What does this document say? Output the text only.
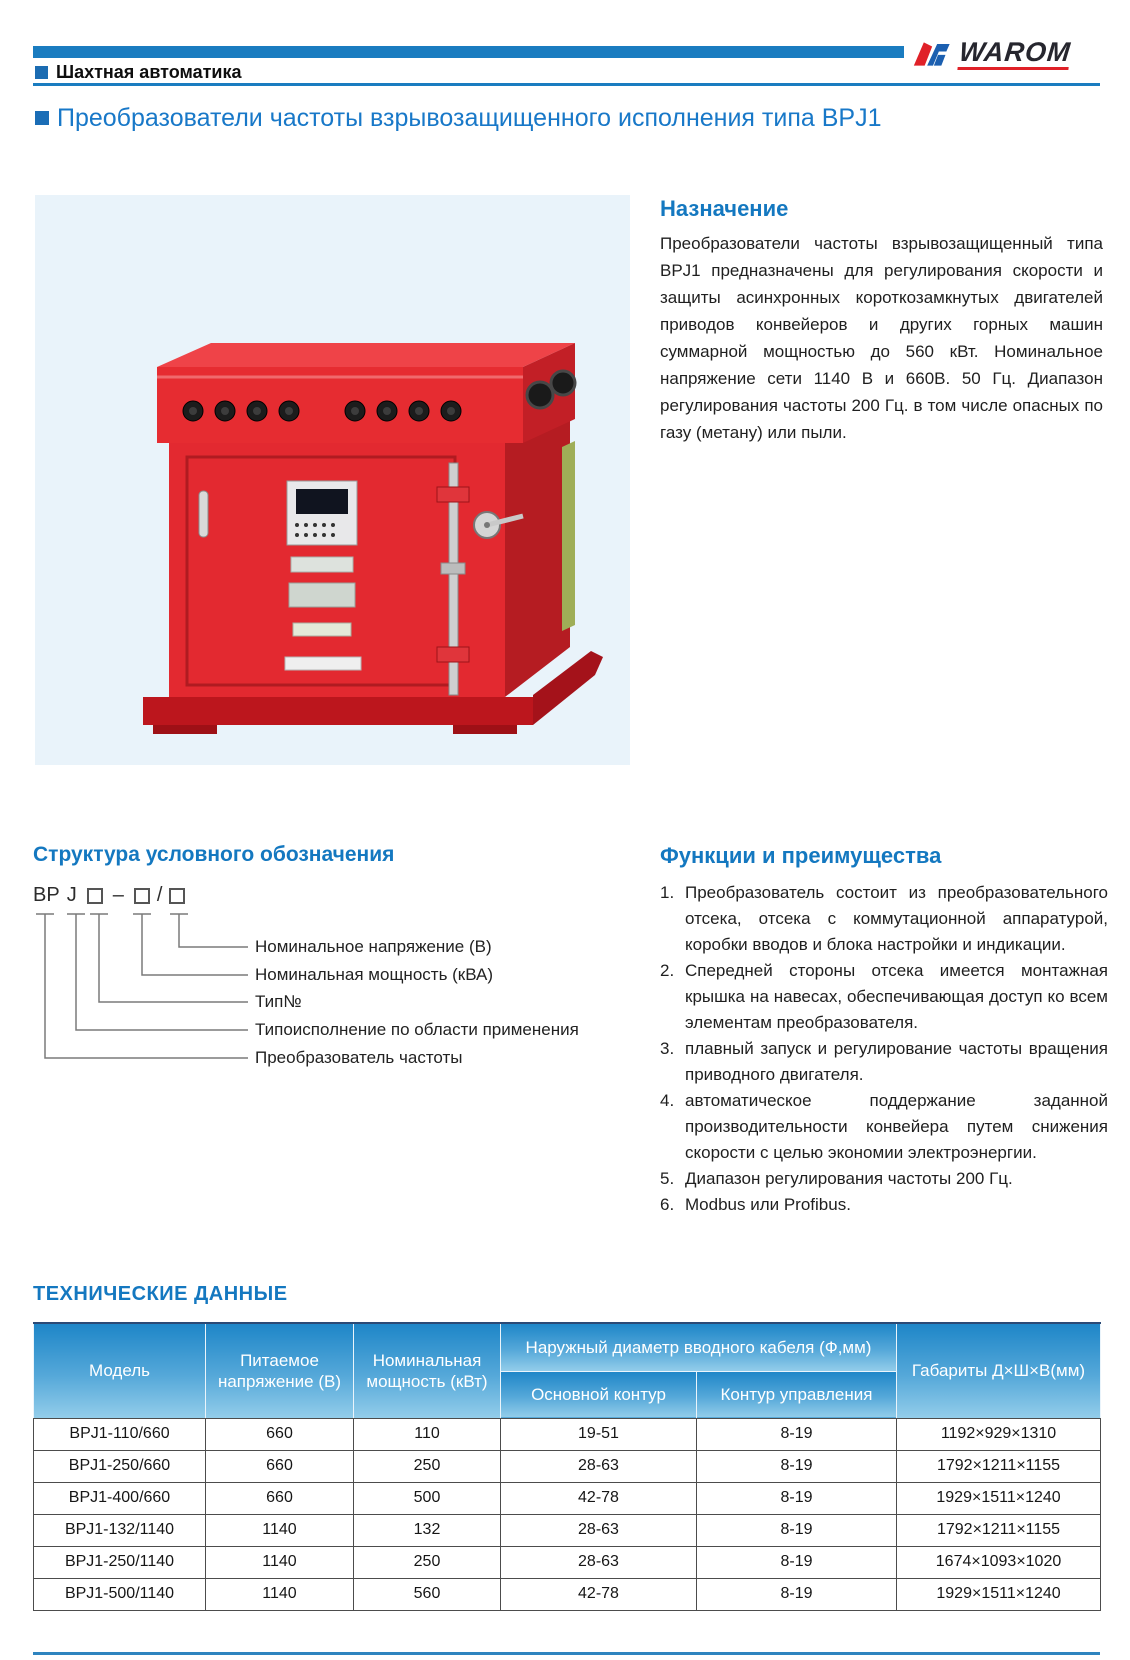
Шахтная автоматика
WAROM
Преобразователи частоты взрывозащищенного исполнения типа BPJ1
Назначение
Преобразователи частоты взрывозащищенный типа BPJ1 предназначены для регулирования скорости и защиты асинхронных короткозамкнутых двигателей приводов конвейеров и других горных машин суммарной мощностью до 560 кВт. Номинальное напряжение сети 1140 В и 660В. 50 Гц. Диапазон регулирования частоты 200 Гц. в том числе опасных по газу (метану) или пыли.
Структура условного обозначения
BP J – /
Номинальное напряжение (В)
Номинальная мощность (кВА)
Тип№
Типоисполнение по области применения
Преобразователь частоты
Функции и преимущества
1. Преобразователь состоит из преобразовательного отсека, отсека с коммутационной аппаратурой, коробки вводов и блока настройки и индикации.
2. Спередней стороны отсека имеется монтажная крышка на навесах, обеспечивающая доступ ко всем элементам преобразователя.
3. плавный запуск и регулирование частоты вращения приводного двигателя.
4. автоматическое поддержание заданной производительности конвейера путем снижения скорости с целью экономии электроэнергии.
5. Диапазон регулирования частоты 200 Гц.
6. Modbus или Profibus.
ТЕХНИЧЕСКИЕ ДАННЫЕ
Модель	Питаемое напряжение (В)	Номинальная мощность (кВт)	Наружный диаметр вводного кабеля (Ф,мм)		Габариты Д×Ш×В(мм)
			Основной контур	Контур управления	
BPJ1-110/660	660	110	19-51	8-19	1192×929×1310
BPJ1-250/660	660	250	28-63	8-19	1792×1211×1155
BPJ1-400/660	660	500	42-78	8-19	1929×1511×1240
BPJ1-132/1140	1140	132	28-63	8-19	1792×1211×1155
BPJ1-250/1140	1140	250	28-63	8-19	1674×1093×1020
BPJ1-500/1140	1140	560	42-78	8-19	1929×1511×1240
